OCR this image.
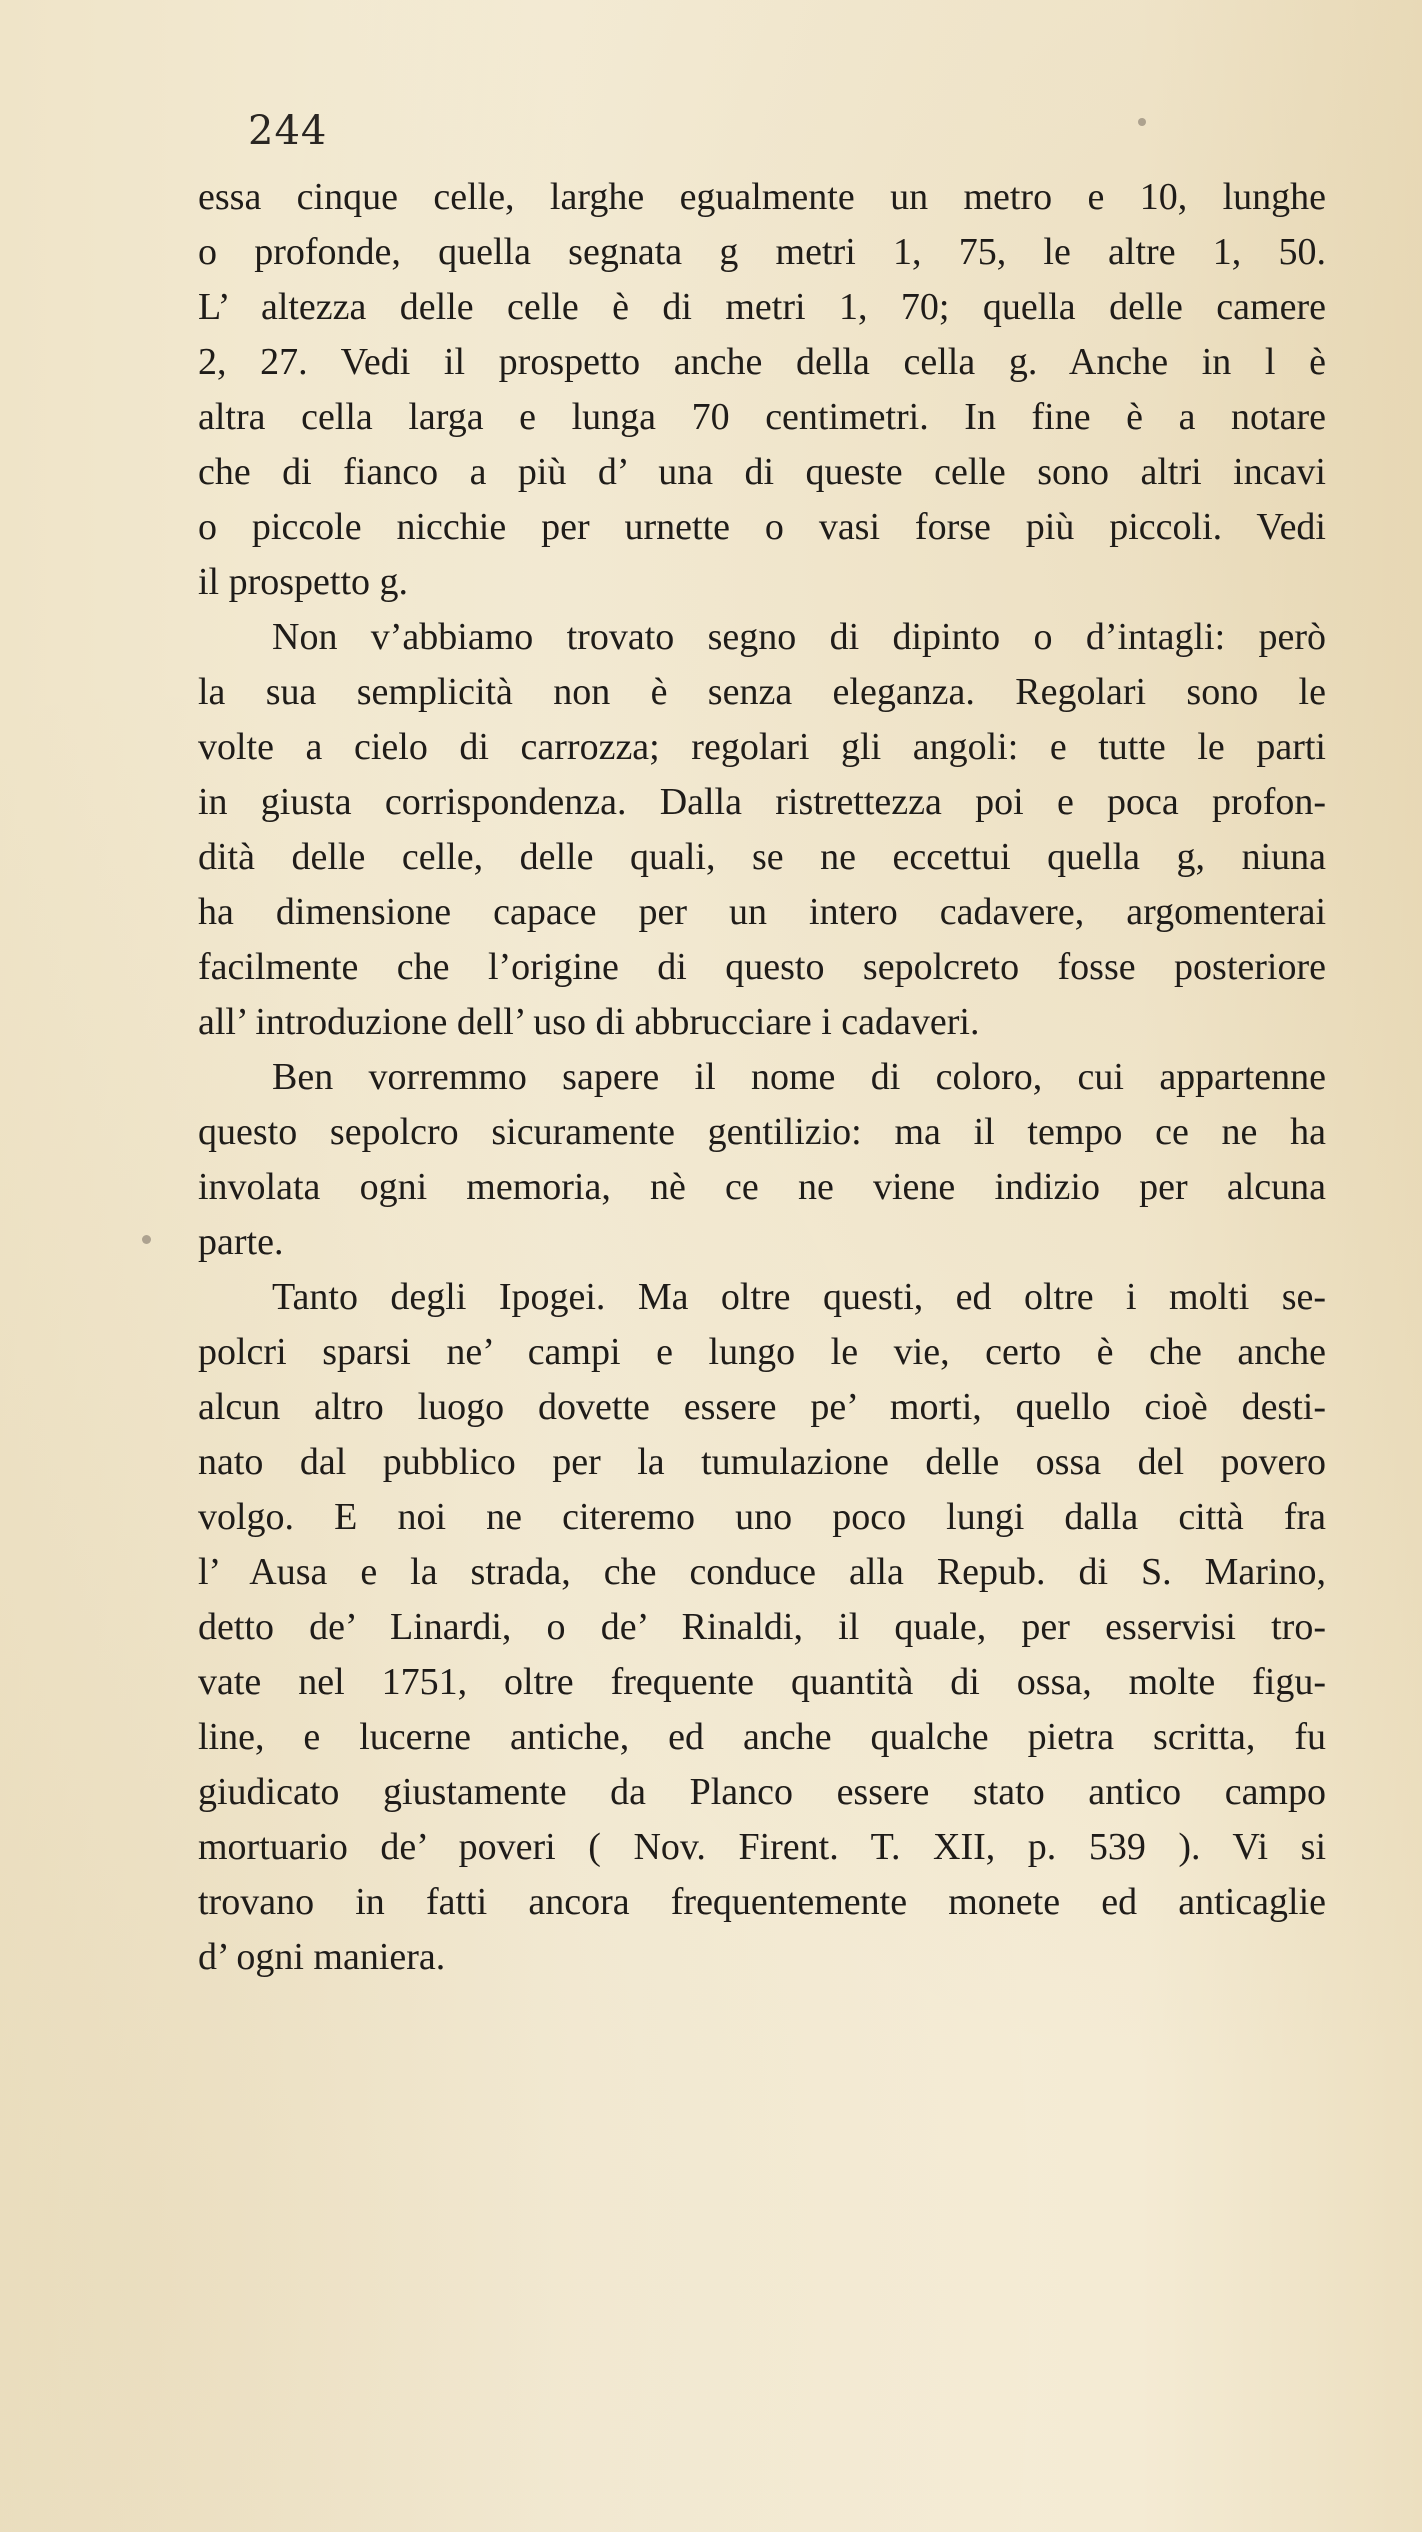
244
essa cinque celle, larghe egualmente un metro e 10, lunghe
o profonde, quella segnata g metri 1, 75, le altre 1, 50.
L’ altezza delle celle è di metri 1, 70; quella delle camere
2, 27. Vedi il prospetto anche della cella g. Anche in l è
altra cella larga e lunga 70 centimetri. In fine è a notare
che di fianco a più d’ una di queste celle sono altri incavi
o piccole nicchie per urnette o vasi forse più piccoli. Vedi
il prospetto g.
Non v’abbiamo trovato segno di dipinto o d’intagli: però
la sua semplicità non è senza eleganza. Regolari sono le
volte a cielo di carrozza; regolari gli angoli: e tutte le parti
in giusta corrispondenza. Dalla ristrettezza poi e poca profon-
dità delle celle, delle quali, se ne eccettui quella g, niuna
ha dimensione capace per un intero cadavere, argomenterai
facilmente che l’origine di questo sepolcreto fosse posteriore
all’ introduzione dell’ uso di abbrucciare i cadaveri.
Ben vorremmo sapere il nome di coloro, cui appartenne
questo sepolcro sicuramente gentilizio: ma il tempo ce ne ha
involata ogni memoria, nè ce ne viene indizio per alcuna
parte.
Tanto degli Ipogei. Ma oltre questi, ed oltre i molti se-
polcri sparsi ne’ campi e lungo le vie, certo è che anche
alcun altro luogo dovette essere pe’ morti, quello cioè desti-
nato dal pubblico per la tumulazione delle ossa del povero
volgo. E noi ne citeremo uno poco lungi dalla città fra
l’ Ausa e la strada, che conduce alla Repub. di S. Marino,
detto de’ Linardi, o de’ Rinaldi, il quale, per esservisi tro-
vate nel 1751, oltre frequente quantità di ossa, molte figu-
line, e lucerne antiche, ed anche qualche pietra scritta, fu
giudicato giustamente da Planco essere stato antico campo
mortuario de’ poveri ( Nov. Firent. T. XII, p. 539 ). Vi si
trovano in fatti ancora frequentemente monete ed anticaglie
d’ ogni maniera.
